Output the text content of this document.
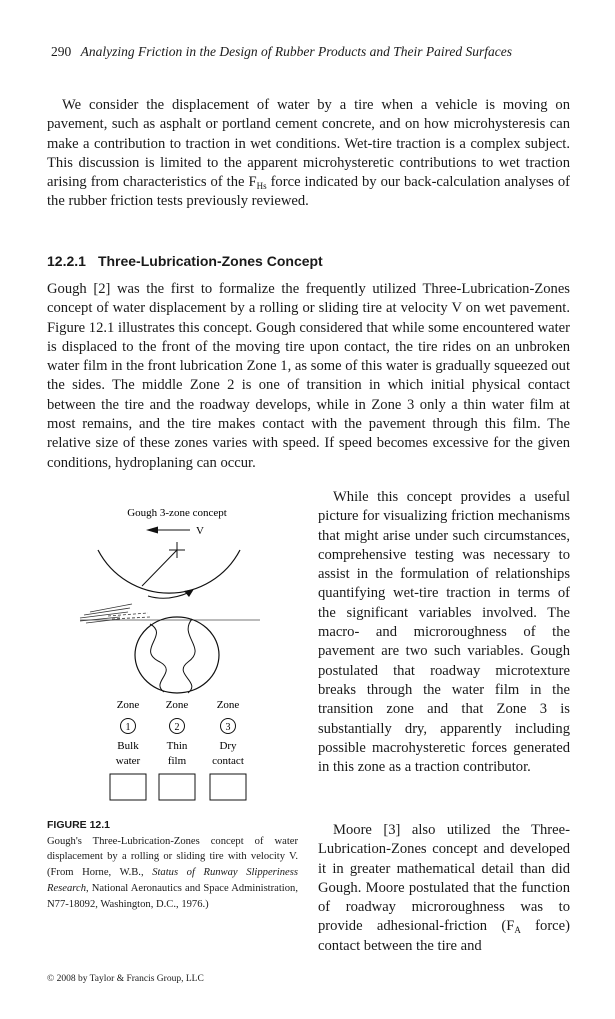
290 Analyzing Friction in the Design of Rubber Products and Their Paired Surfaces

We consider the displacement of water by a tire when a vehicle is moving on pavement, such as asphalt or portland cement concrete, and on how microhysteresis can make a contribution to traction in wet conditions. Wet-tire traction is a complex subject. This discussion is limited to the apparent microhysteretic contributions to wet traction arising from characteristics of the $F_{Hs}$ force indicated by our back-calculation analyses of the rubber friction tests previously reviewed.

12.2.1 Three-Lubrication-Zones Concept

Gough [2] was the first to formalize the frequently utilized Three-Lubrication-Zones concept of water displacement by a rolling or sliding tire at velocity V on wet pavement. Figure 12.1 illustrates this concept. Gough considered that while some encountered water is displaced to the front of the moving tire upon contact, the tire rides on an unbroken water film in the front lubrication Zone 1, as some of this water is gradually squeezed out the sides. The middle Zone 2 is one of transition in which initial physical contact between the tire and the roadway develops, while in Zone 3 only a thin water film at most remains, and the tire makes contact with the pavement through this film. The relative size of these zones varies with speed. If speed becomes excessive for the given conditions, hydroplaning can occur.

Gough 3-zone concept
V
Zone
1
Bulk
water
Zone
2
Thin
film
Zone
3
Dry
contact

While this concept provides a useful picture for visualizing friction mechanisms that might arise under such circumstances, comprehensive testing was necessary to assist in the formulation of relationships quantifying wet-tire traction in terms of the significant variables involved. The macro- and microroughness of the pavement are two such variables. Gough postulated that roadway microtexture breaks through the water film in the transition zone and that Zone 3 is substantially dry, apparently including possible macrohysteretic forces generated in this zone as a traction contributor.

FIGURE 12.1
Gough's Three-Lubrication-Zones concept of water displacement by a rolling or sliding tire with velocity V. (From Horne, W.B., Status of Runway Slipperiness Research, National Aeronautics and Space Administration, N77-18092, Washington, D.C., 1976.)

Moore [3] also utilized the Three-Lubrication-Zones concept and developed it in greater mathematical detail than did Gough. Moore postulated that the function of roadway microroughness was to provide adhesional-friction ($F_A$ force) contact between the tire and

© 2008 by Taylor & Francis Group, LLC
